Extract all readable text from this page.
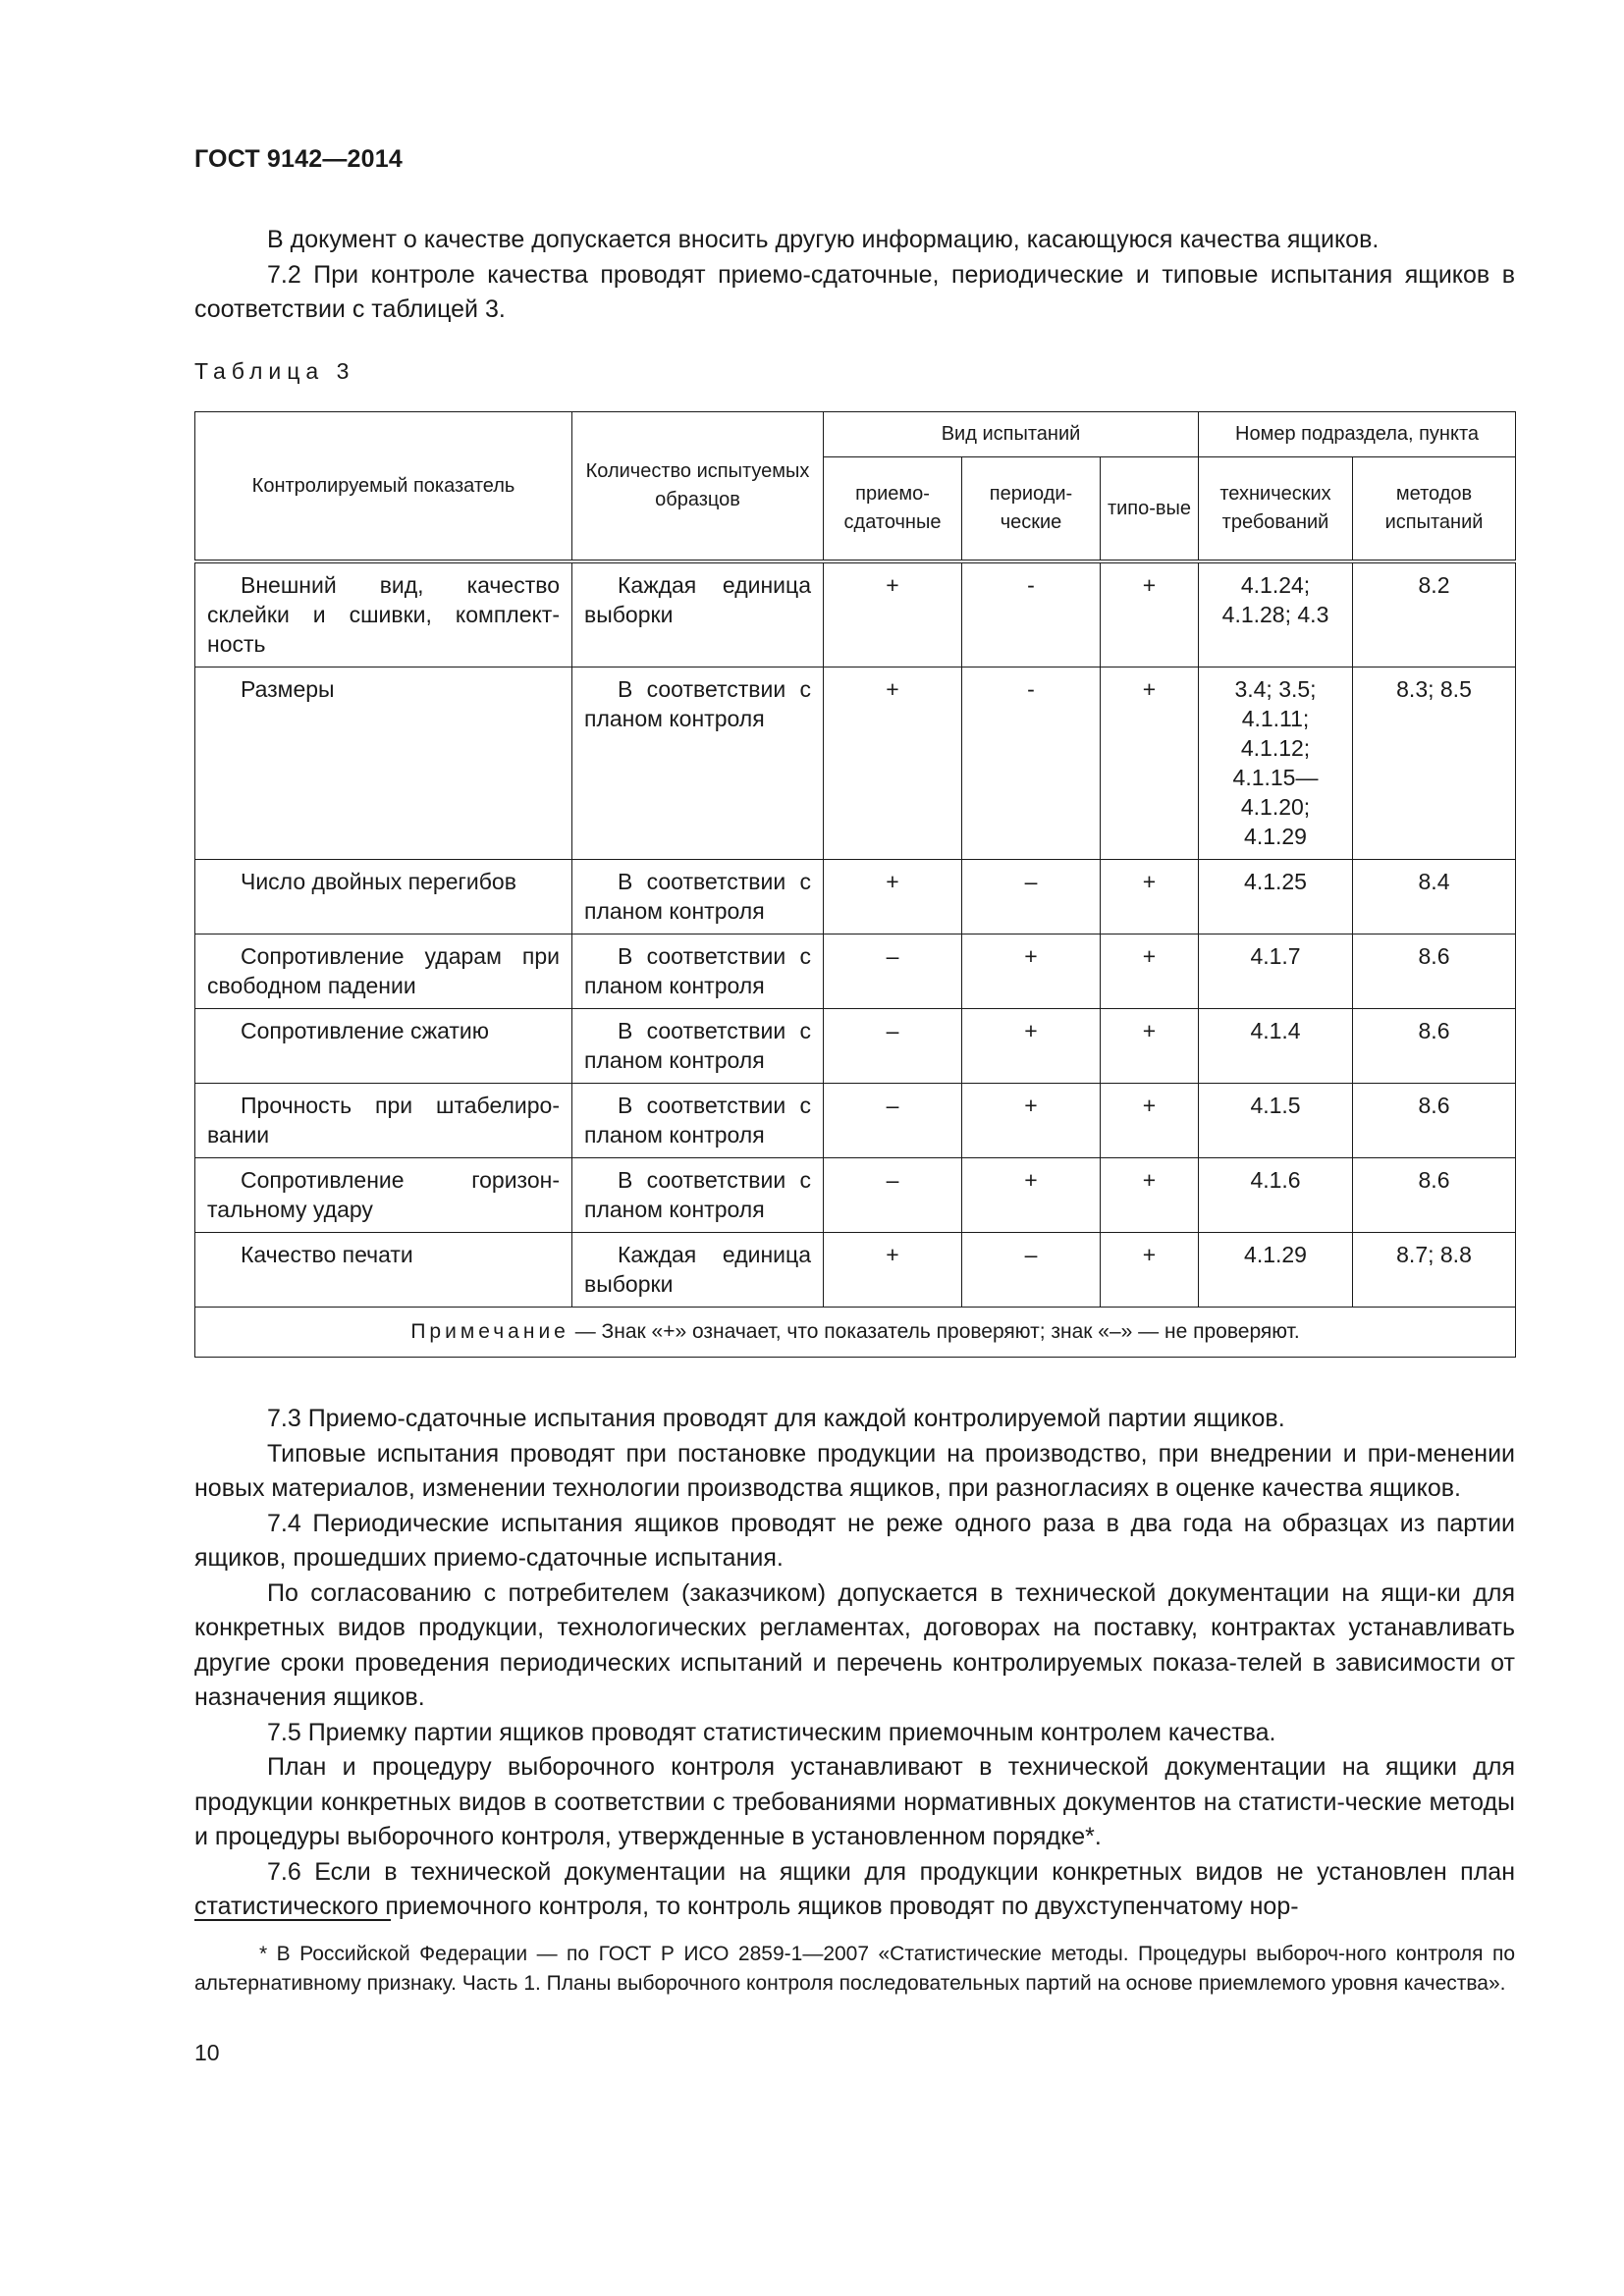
ГОСТ 9142—2014

В документ о качестве допускается вносить другую информацию, касающуюся качества ящиков.

7.2 При контроле качества проводят приемо-сдаточные, периодические и типовые испытания ящиков в соответствии с таблицей 3.

Таблица 3
Контролируемый показатель	Количество испытуемых образцов	Вид испытаний			Номер подраздела, пункта	
		приемо-сдаточные	периоди-ческие	типо-вые	технических требований	методов испытаний
Внешний вид, качество склейки и сшивки, комплект-ность	Каждая единица выборки	+	-	+	4.1.24; 4.1.28; 4.3	8.2
Размеры	В соответствии с планом контроля	+	-	+	3.4; 3.5; 4.1.11; 4.1.12; 4.1.15— 4.1.20; 4.1.29	8.3; 8.5
Число двойных перегибов	В соответствии с планом контроля	+	–	+	4.1.25	8.4
Сопротивление ударам при свободном падении	В соответствии с планом контроля	–	+	+	4.1.7	8.6
Сопротивление сжатию	В соответствии с планом контроля	–	+	+	4.1.4	8.6
Прочность при штабелиро-вании	В соответствии с планом контроля	–	+	+	4.1.5	8.6
Сопротивление горизон-тальному удару	В соответствии с планом контроля	–	+	+	4.1.6	8.6
Качество печати	Каждая единица выборки	+	–	+	4.1.29	8.7; 8.8
Примечание — Знак «+» означает, что показатель проверяют; знак «–» — не проверяют.						

7.3 Приемо-сдаточные испытания проводят для каждой контролируемой партии ящиков.

Типовые испытания проводят при постановке продукции на производство, при внедрении и при-менении новых материалов, изменении технологии производства ящиков, при разногласиях в оценке качества ящиков.

7.4 Периодические испытания ящиков проводят не реже одного раза в два года на образцах из партии ящиков, прошедших приемо-сдаточные испытания.

По согласованию с потребителем (заказчиком) допускается в технической документации на ящи-ки для конкретных видов продукции, технологических регламентах, договорах на поставку, контрактах устанавливать другие сроки проведения периодических испытаний и перечень контролируемых показа-телей в зависимости от назначения ящиков.

7.5 Приемку партии ящиков проводят статистическим приемочным контролем качества.

План и процедуру выборочного контроля устанавливают в технической документации на ящики для продукции конкретных видов в соответствии с требованиями нормативных документов на статисти-ческие методы и процедуры выборочного контроля, утвержденные в установленном порядке*.

7.6 Если в технической документации на ящики для продукции конкретных видов не установлен план статистического приемочного контроля, то контроль ящиков проводят по двухступенчатому нор-

* В Российской Федерации — по ГОСТ Р ИСО 2859-1—2007 «Статистические методы. Процедуры выбороч-ного контроля по альтернативному признаку. Часть 1. Планы выборочного контроля последовательных партий на основе приемлемого уровня качества».

10
